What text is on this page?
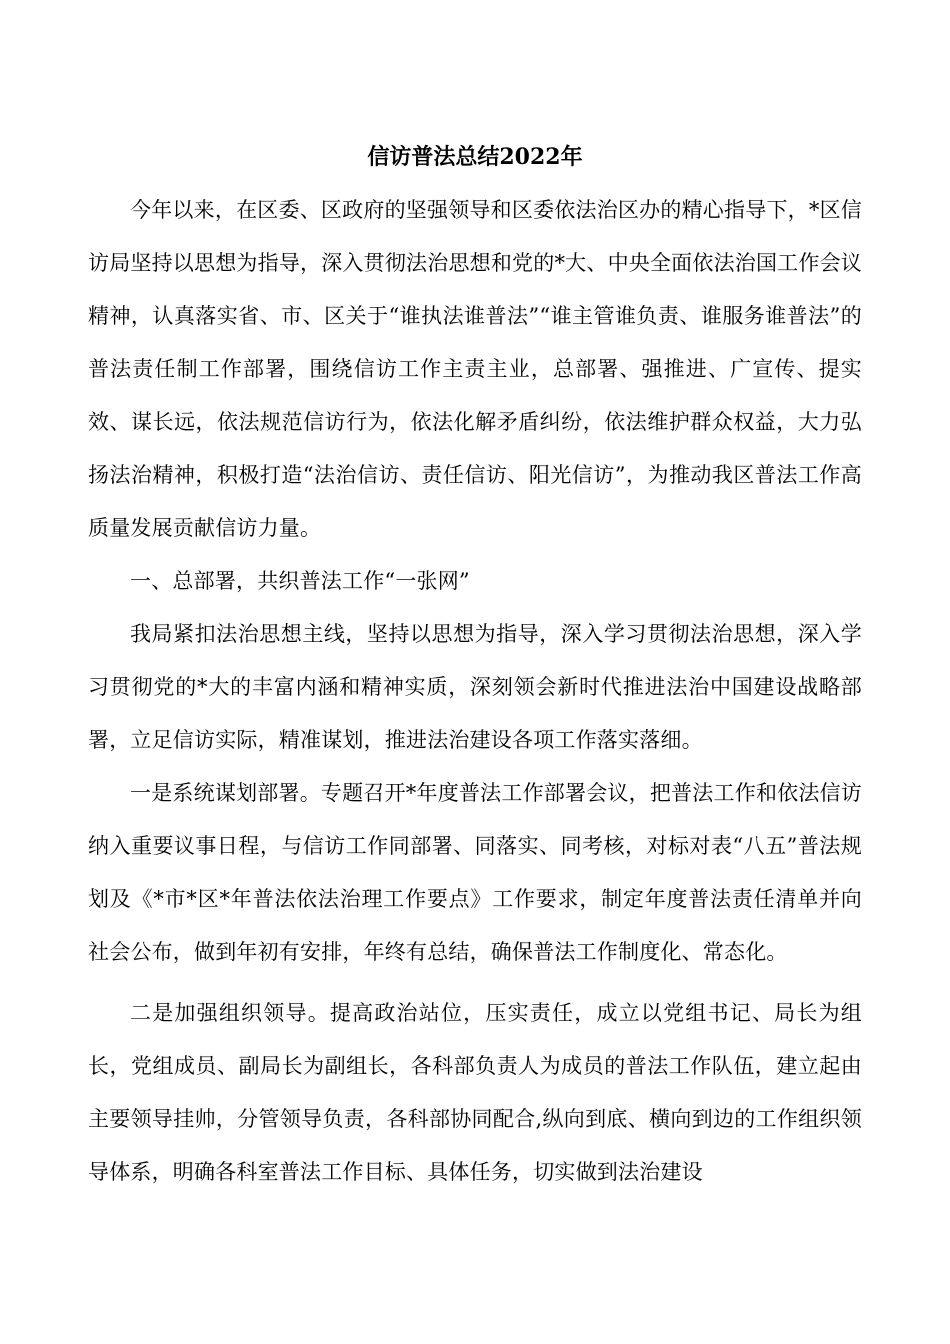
信访普法总结2022年

今年以来，在区委、区政府的坚强领导和区委依法治区办的精心指导下，*区信访局坚持以思想为指导，深入贯彻法治思想和党的*大、中央全面依法治国工作会议精神，认真落实省、市、区关于“谁执法谁普法”“谁主管谁负责、谁服务谁普法”的普法责任制工作部署，围绕信访工作主责主业，总部署、强推进、广宣传、提实效、谋长远，依法规范信访行为，依法化解矛盾纠纷，依法维护群众权益，大力弘扬法治精神，积极打造“法治信访、责任信访、阳光信访”，为推动我区普法工作高质量发展贡献信访力量。

一、总部署，共织普法工作“一张网”

我局紧扣法治思想主线，坚持以思想为指导，深入学习贯彻法治思想，深入学习贯彻党的*大的丰富内涵和精神实质，深刻领会新时代推进法治中国建设战略部署，立足信访实际，精准谋划，推进法治建设各项工作落实落细。

一是系统谋划部署。专题召开*年度普法工作部署会议，把普法工作和依法信访纳入重要议事日程，与信访工作同部署、同落实、同考核，对标对表“八五”普法规划及《*市*区*年普法依法治理工作要点》工作要求，制定年度普法责任清单并向社会公布，做到年初有安排，年终有总结，确保普法工作制度化、常态化。

二是加强组织领导。提高政治站位，压实责任，成立以党组书记、局长为组长，党组成员、副局长为副组长，各科部负责人为成员的普法工作队伍，建立起由主要领导挂帅，分管领导负责，各科部协同配合,纵向到底、横向到边的工作组织领导体系，明确各科室普法工作目标、具体任务，切实做到法治建设
